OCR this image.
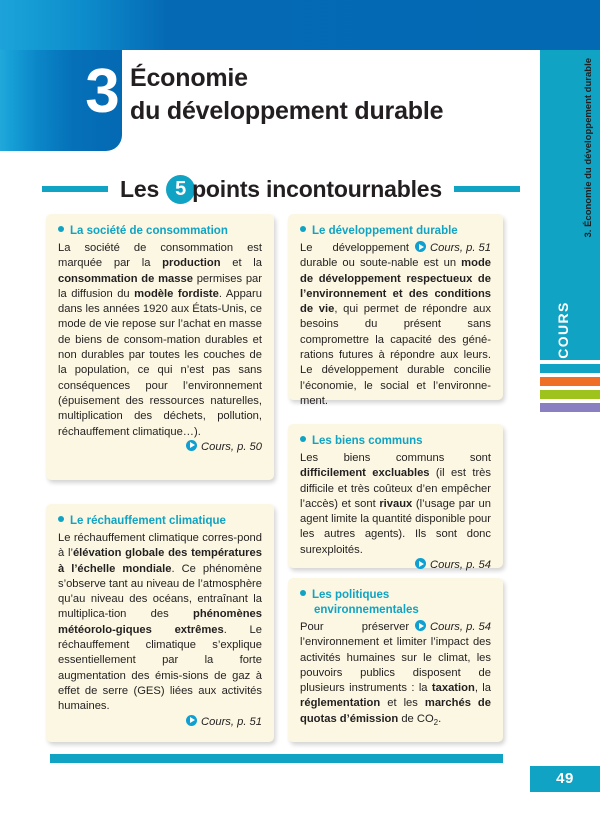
3 Économie
du développement durable	3. Économie du développement durable
COURS
Les 5 points incontournables

La société de consommation

La société de consommation est marquée par la production et la consommation de masse permises par la diffusion du modèle fordiste. Apparu dans les années 1920 aux États-Unis, ce mode de vie repose sur l’achat en masse de biens de consom-mation durables et non durables par toutes les couches de la population, ce qui n’est pas sans conséquences pour l’environnement (épuisement des ressources naturelles, multiplication des déchets, pollution, réchauffement climatique…).

Cours, p. 50

Le développement durable

Cours, p. 51
Le développement durable ou soute-nable est un mode de développement respectueux de l’environnement et des conditions de vie, qui permet de répondre aux besoins du présent sans compromettre la capacité des géné-rations futures à répondre aux leurs. Le développement durable concilie l’économie, le social et l’environne-ment.

Les biens communs

Les biens communs sont difficilement excluables (il est très difficile et très coûteux d’en empêcher l’accès) et sont rivaux (l’usage par un agent limite la quantité disponible pour les autres agents). Ils sont donc surexploités.

Cours, p. 54

Le réchauffement climatique

Le réchauffement climatique corres-pond à l’élévation globale des températures à l’échelle mondiale. Ce phénomène s’observe tant au niveau de l’atmosphère qu’au niveau des océans, entraînant la multiplica-tion des phénomènes météorolo-giques extrêmes. Le réchauffement climatique s’explique essentiellement par la forte augmentation des émis-sions de gaz à effet de serre (GES) liées aux activités humaines.

Cours, p. 51

Les politiques environnementales

Cours, p. 54
Pour préserver l’environnement et limiter l’impact des activités humaines sur le climat, les pouvoirs publics disposent de plusieurs instruments : la taxation, la réglementation et les marchés de quotas d’émission de $CO_2$.

49
